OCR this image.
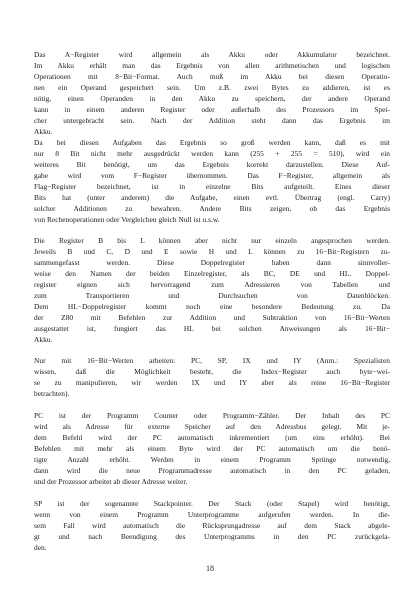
Das A−Register wird allgemein als Akku oder Akkumulator bezeichnet.
Im Akku erhält man das Ergebnis von allen arithmetischen und logischen
Operationen mit 8−Bit−Format. Auch muß im Akku bei diesen Operatio-
nen ein Operand gespeichert sein. Um z.B. zwei Bytes zu addieren, ist es
nötig, einen Operanden in den Akku zu speichern, der andere Operand
kann in einem anderen Register oder außerhalb des Prozessors im Spei-
cher untergebracht sein. Nach der Addition steht dann das Ergebnis im
Akku.
Da bei diesen Aufgaben das Ergebnis so groß werden kann, daß es mit
nur 8 Bit nicht mehr ausgedrückt werden kann (255 + 255 = 510), wird ein
weiteres Bit benötigt, um das Ergebnis korrekt darzustellen. Diese Auf-
gabe wird vom F−Register übernommen. Das F−Register, allgemein als
Flag−Register bezeichnet, ist in einzelne Bits aufgeteilt. Eines dieser
Bits hat (unter anderem) die Aufgabe, einen evtl. Übertrag (engl. Carry)
solcher Additionen zu bewahren. Andere Bits zeigen, ob das Ergebnis
von Rechenoperationen oder Vergleichen gleich Null ist u.s.w.
Die Register B bis L können aber nicht nur einzeln angesprochen werden.
Jeweils B und C, D und E sowie H und L können zu 16−Bit−Registern zu-
sammengefasst werden. Diese Doppelregister haben dann sinnvoller-
weise den Namen der beiden Einzelregister, als BC, DE und HL. Doppel-
register eignen sich hervorragend zum Adressieren von Tabellen und
zum Transportieren und Durchsuchen von Datenblöcken.
Dem HL−Doppelregister kommt noch eine besondere Bedeutung zu. Da
der Z80 mit Befehlen zur Addition und Subtraktion von 16−Bit−Werten
ausgestattet ist, fungiert das HL bei solchen Anweisungen als 16−Bit−
Akku.
Nur mit 16−Bit−Werten arbeiten: PC, SP, IX und IY (Anm.: Spezialisten
wissen, daß die Möglichkeit besteht, die Index−Register auch byte−wei-
se zu manipulieren, wir werden IX und IY aber als reine 16−Bit−Register
betrachten).
PC ist der Programm Counter oder Programm−Zähler. Der Inhalt des PC
wird als Adresse für externe Speicher auf den Adressbus gelegt. Mit je-
dem Befehl wird der PC automatisch inkrementiert (um eins erhöht). Bei
Befehlen mit mehr als einem Byte wird der PC automatisch um die benö-
tigte Anzahl erhöht. Werden in einem Programm Sprünge notwendig,
dann wird die neue Programmadresse automatisch in den PC geladen,
und der Prozessor arbeitet ab dieser Adresse weiter.
SP ist der sogenannte Stackpointer. Der Stack (oder Stapel) wird benötigt,
wenn von einem Programm Unterprogramme aufgerufen werden. In die-
sem Fall wird automatisch die Rücksprungadresse auf dem Stack abgele-
gt und nach Beendigung des Unterprogramms in den PC zurückgela-
den.
18
